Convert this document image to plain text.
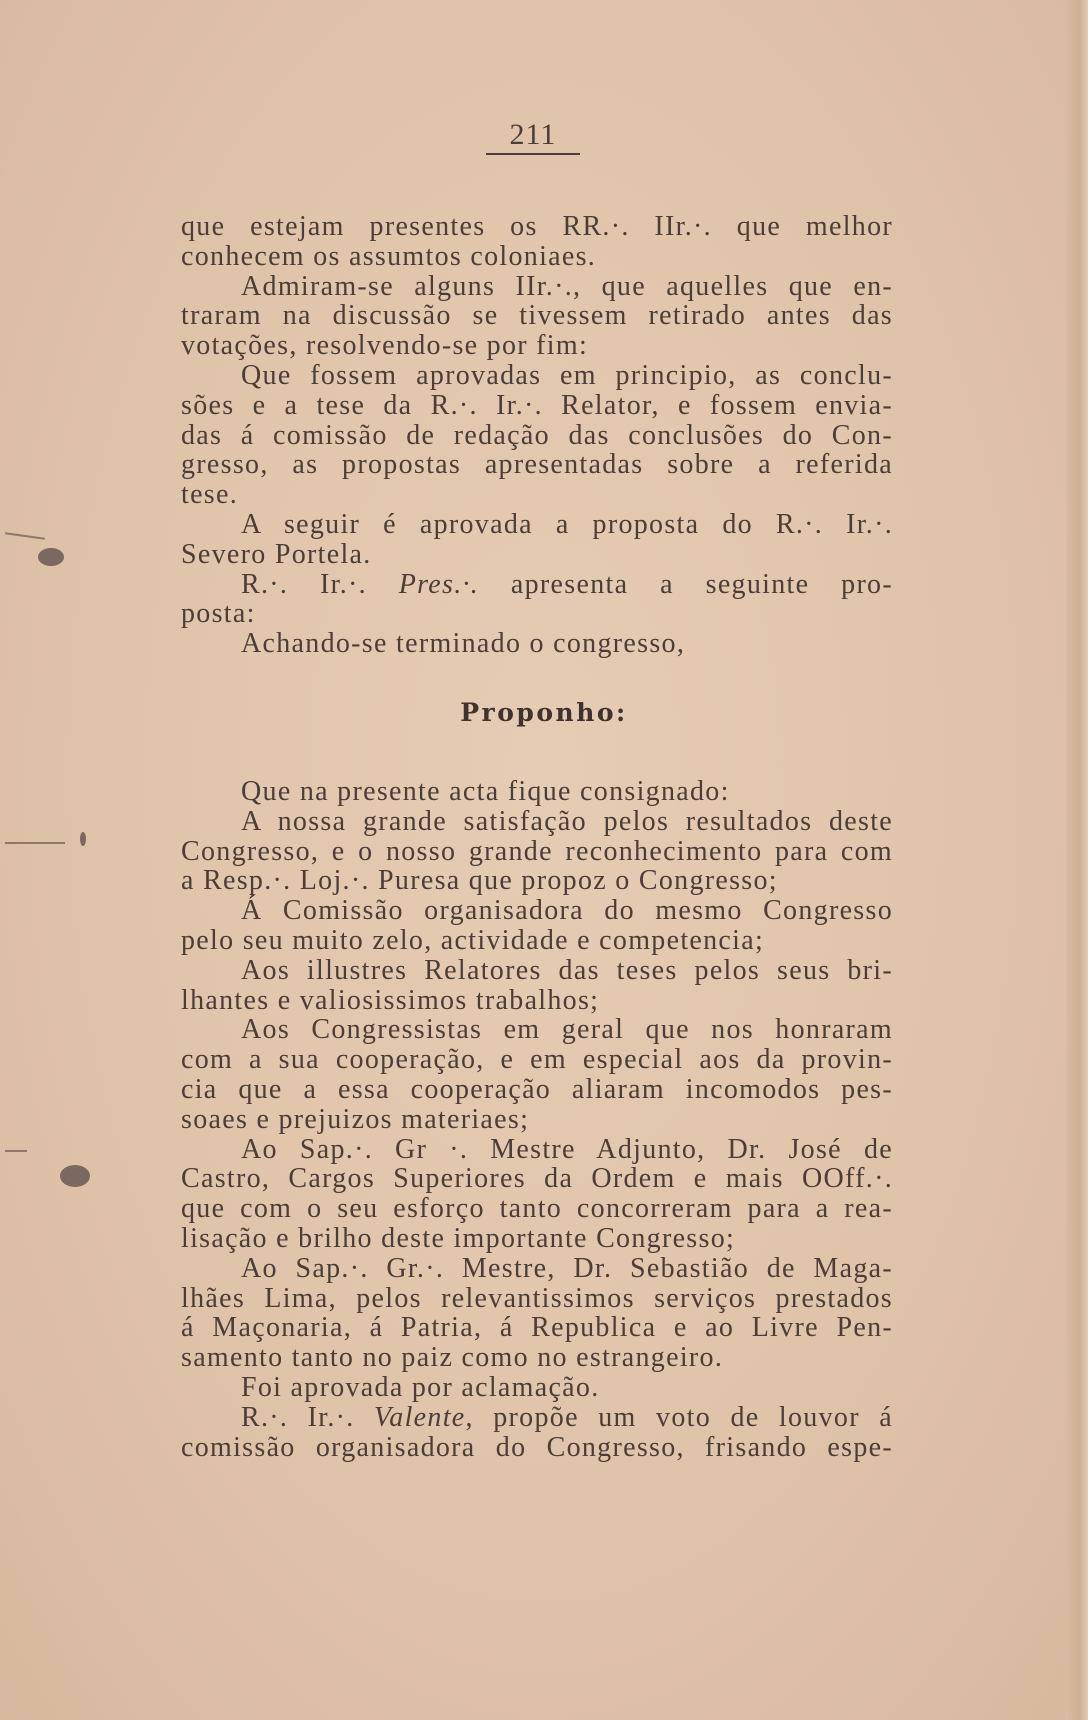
211
Proponho:
que estejam presentes os RR.·. IIr.·. que melhor
conhecem os assumtos coloniaes.
Admiram-se alguns IIr.·., que aquelles que en-
traram na discussão se tivessem retirado antes das
votações, resolvendo-se por fim:
Que fossem aprovadas em principio, as conclu-
sões e a tese da R.·. Ir.·. Relator, e fossem envia-
das á comissão de redação das conclusões do Con-
gresso, as propostas apresentadas sobre a referida
tese.
A seguir é aprovada a proposta do R.·. Ir.·.
Severo Portela.
R.·. Ir.·. Pres.·. apresenta a seguinte pro-
posta:
Achando-se terminado o congresso,
Que na presente acta fique consignado:
A nossa grande satisfação pelos resultados deste
Congresso, e o nosso grande reconhecimento para com
a Resp.·. Loj.·. Puresa que propoz o Congresso;
Á Comissão organisadora do mesmo Congresso
pelo seu muito zelo, actividade e competencia;
Aos illustres Relatores das teses pelos seus bri-
lhantes e valiosissimos trabalhos;
Aos Congressistas em geral que nos honraram
com a sua cooperação, e em especial aos da provin-
cia que a essa cooperação aliaram incomodos pes-
soaes e prejuizos materiaes;
Ao Sap.·. Gr ·. Mestre Adjunto, Dr. José de
Castro, Cargos Superiores da Ordem e mais OOff.·.
que com o seu esforço tanto concorreram para a rea-
lisação e brilho deste importante Congresso;
Ao Sap.·. Gr.·. Mestre, Dr. Sebastião de Maga-
lhães Lima, pelos relevantissimos serviços prestados
á Maçonaria, á Patria, á Republica e ao Livre Pen-
samento tanto no paiz como no estrangeiro.
Foi aprovada por aclamação.
R.·. Ir.·. Valente, propõe um voto de louvor á
comissão organisadora do Congresso, frisando espe-
